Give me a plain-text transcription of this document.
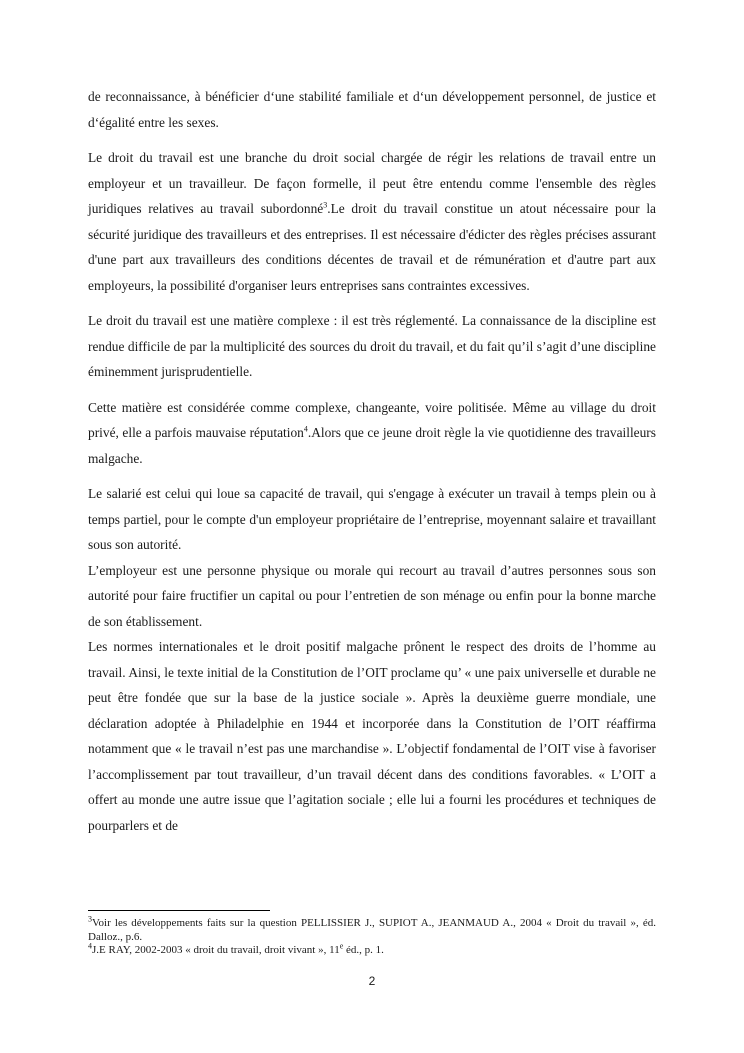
de reconnaissance, à bénéficier d‘une stabilité familiale et d‘un développement personnel, de justice et d‘égalité entre les sexes.

Le droit du travail est une branche du droit social chargée de régir les relations de travail entre un employeur et un travailleur. De façon formelle, il peut être entendu comme l'ensemble des règles juridiques relatives au travail subordonné$^3$.Le droit du travail constitue un atout nécessaire pour la sécurité juridique des travailleurs et des entreprises. Il est nécessaire d'édicter des règles précises assurant d'une part aux travailleurs des conditions décentes de travail et de rémunération et d'autre part aux employeurs, la possibilité d'organiser leurs entreprises sans contraintes excessives.

Le droit du travail est une matière complexe : il est très réglementé. La connaissance de la discipline est rendue difficile de par la multiplicité des sources du droit du travail, et du fait qu’il s’agit d’une discipline éminemment jurisprudentielle.

Cette matière est considérée comme complexe, changeante, voire politisée. Même au village du droit privé, elle a parfois mauvaise réputation$^4$.Alors que ce jeune droit règle la vie quotidienne des travailleurs malgache.

Le salarié est celui qui loue sa capacité de travail, qui s'engage à exécuter un travail à temps plein ou à temps partiel, pour le compte d'un employeur propriétaire de l’entreprise, moyennant salaire et travaillant sous son autorité.

L’employeur est une personne physique ou morale qui recourt au travail d’autres personnes sous son autorité pour faire fructifier un capital ou pour l’entretien de son ménage ou enfin pour la bonne marche de son établissement.

Les normes internationales et le droit positif malgache prônent le respect des droits de l’homme au travail. Ainsi, le texte initial de la Constitution de l’OIT proclame qu’ « une paix universelle et durable ne peut être fondée que sur la base de la justice sociale ». Après la deuxième guerre mondiale, une déclaration adoptée à Philadelphie en 1944 et incorporée dans la Constitution de l’OIT réaffirma notamment que « le travail n’est pas une marchandise ». L’objectif fondamental de l’OIT vise à favoriser l’accomplissement par tout travailleur, d’un travail décent dans des conditions favorables. « L’OIT a offert au monde une autre issue que l’agitation sociale ; elle lui a fourni les procédures et techniques de pourparlers et de

$^3$Voir les développements faits sur la question PELLISSIER J., SUPIOT A., JEANMAUD A., 2004 « Droit du travail », éd. Dalloz., p.6.

$^4$J.E RAY, 2002-2003 « droit du travail, droit vivant », 11e éd., p. 1.

2
